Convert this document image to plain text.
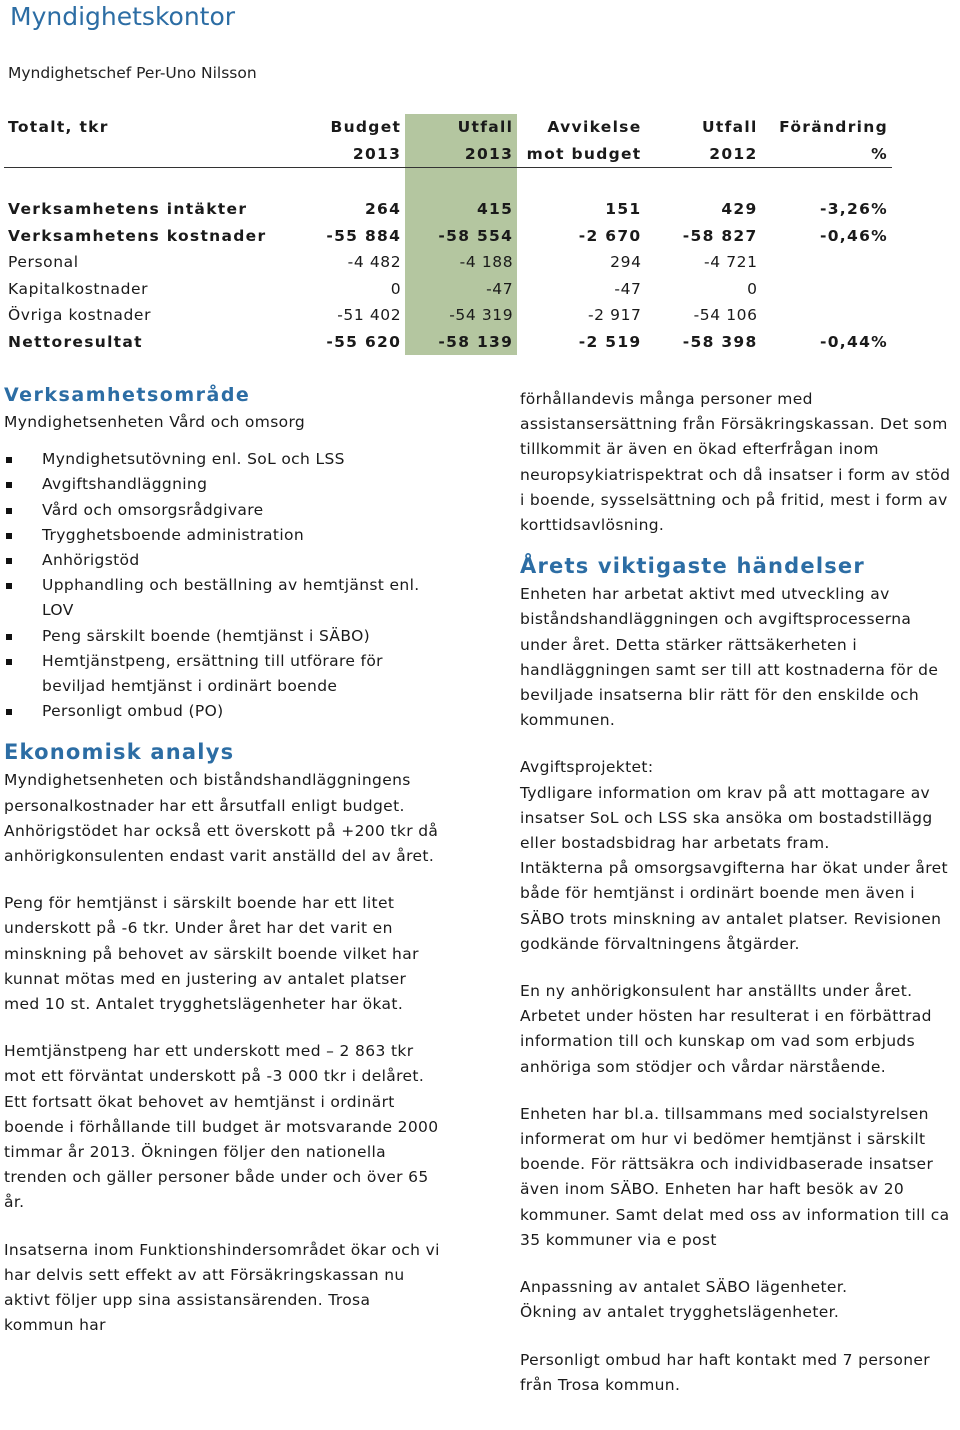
Myndighetskontor
Myndighetschef Per-Uno Nilsson
Totalt, tkr	Budget	Utfall	Avvikelse	Utfall	Förändring
	2013	2013	mot budget	2012	%

Verksamhetens intäkter	264	415	151	429	-3,26%
Verksamhetens kostnader	-55 884	-58 554	-2 670	-58 827	-0,46%
Personal	-4 482	-4 188	294	-4 721	
Kapitalkostnader	0	-47	-47	0	
Övriga kostnader	-51 402	-54 319	-2 917	-54 106	
Nettoresultat	-55 620	-58 139	-2 519	-58 398	-0,44%
Verksamhetsområde

Myndighetsenheten Vård och omsorg

Myndighetsutövning enl. SoL och LSS
Avgiftshandläggning
Vård och omsorgsrådgivare
Trygghetsboende administration
Anhörigstöd
Upphandling och beställning av hemtjänst enl. LOV
Peng särskilt boende (hemtjänst i SÄBO)
Hemtjänstpeng, ersättning till utförare för beviljad hemtjänst i ordinärt boende
Personligt ombud (PO)
Ekonomisk analys

Myndighetsenheten och biståndshandläggningens personalkostnader har ett årsutfall enligt budget. Anhörigstödet har också ett överskott på +200 tkr då anhörigkonsulenten endast varit anställd del av året.

Peng för hemtjänst i särskilt boende har ett litet underskott på -6 tkr. Under året har det varit en minskning på behovet av särskilt boende vilket har kunnat mötas med en justering av antalet platser med 10 st. Antalet trygghetslägenheter har ökat.

Hemtjänstpeng har ett underskott med – 2 863 tkr mot ett förväntat underskott på -3 000 tkr i delåret. Ett fortsatt ökat behovet av hemtjänst i ordinärt boende i förhållande till budget är motsvarande 2000 timmar år 2013. Ökningen följer den nationella trenden och gäller personer både under och över 65 år.

Insatserna inom Funktionshindersområdet ökar och vi har delvis sett effekt av att Försäkringskassan nu aktivt följer upp sina assistansärenden. Trosa kommun har

förhållandevis många personer med assistansersättning från Försäkringskassan. Det som tillkommit är även en ökad efterfrågan inom neuropsykiatrispektrat och då insatser i form av stöd i boende, sysselsättning och på fritid, mest i form av korttidsavlösning.

Årets viktigaste händelser

Enheten har arbetat aktivt med utveckling av biståndshandläggningen och avgiftsprocesserna under året. Detta stärker rättsäkerheten i handläggningen samt ser till att kostnaderna för de beviljade insatserna blir rätt för den enskilde och kommunen.

Avgiftsprojektet:

Tydligare information om krav på att mottagare av insatser SoL och LSS ska ansöka om bostadstillägg eller bostadsbidrag har arbetats fram.

Intäkterna på omsorgsavgifterna har ökat under året både för hemtjänst i ordinärt boende men även i SÄBO trots minskning av antalet platser. Revisionen godkände förvaltningens åtgärder.

En ny anhörigkonsulent har anställts under året. Arbetet under hösten har resulterat i en förbättrad information till och kunskap om vad som erbjuds anhöriga som stödjer och vårdar närstående.

Enheten har bl.a. tillsammans med socialstyrelsen informerat om hur vi bedömer hemtjänst i särskilt boende. För rättsäkra och individbaserade insatser även inom SÄBO. Enheten har haft besök av 20 kommuner. Samt delat med oss av information till ca 35 kommuner via e post

Anpassning av antalet SÄBO lägenheter.

Ökning av antalet trygghetslägenheter.

Personligt ombud har haft kontakt med 7 personer från Trosa kommun.
